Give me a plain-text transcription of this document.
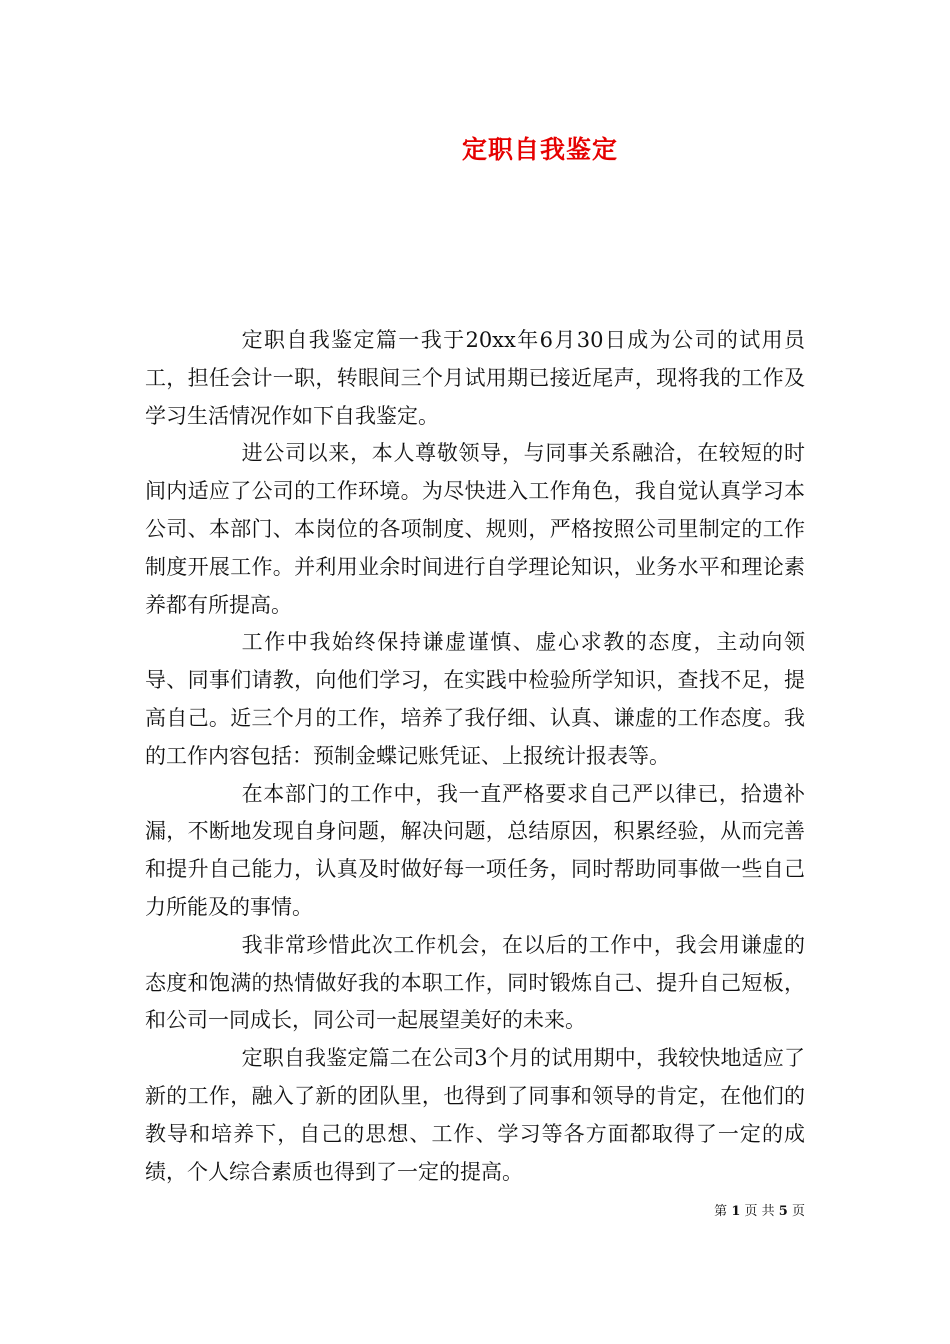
定职自我鉴定

定职自我鉴定篇一我于20xx年6月30日成为公司的试用员工，担任会计一职，转眼间三个月试用期已接近尾声，现将我的工作及学习生活情况作如下自我鉴定。

进公司以来，本人尊敬领导，与同事关系融洽，在较短的时间内适应了公司的工作环境。为尽快进入工作角色，我自觉认真学习本公司、本部门、本岗位的各项制度、规则，严格按照公司里制定的工作制度开展工作。并利用业余时间进行自学理论知识，业务水平和理论素养都有所提高。

工作中我始终保持谦虚谨慎、虚心求教的态度，主动向领导、同事们请教，向他们学习，在实践中检验所学知识，查找不足，提高自己。近三个月的工作，培养了我仔细、认真、谦虚的工作态度。我的工作内容包括：预制金蝶记账凭证、上报统计报表等。

在本部门的工作中，我一直严格要求自己严以律已，拾遗补漏，不断地发现自身问题，解决问题，总结原因，积累经验，从而完善和提升自己能力，认真及时做好每一项任务，同时帮助同事做一些自己力所能及的事情。

我非常珍惜此次工作机会，在以后的工作中，我会用谦虚的态度和饱满的热情做好我的本职工作，同时锻炼自己、提升自己短板，和公司一同成长，同公司一起展望美好的未来。

定职自我鉴定篇二在公司3个月的试用期中，我较快地适应了新的工作，融入了新的团队里，也得到了同事和领导的肯定，在他们的教导和培养下，自己的思想、工作、学习等各方面都取得了一定的成绩，个人综合素质也得到了一定的提高。

第 1 页 共 5 页
